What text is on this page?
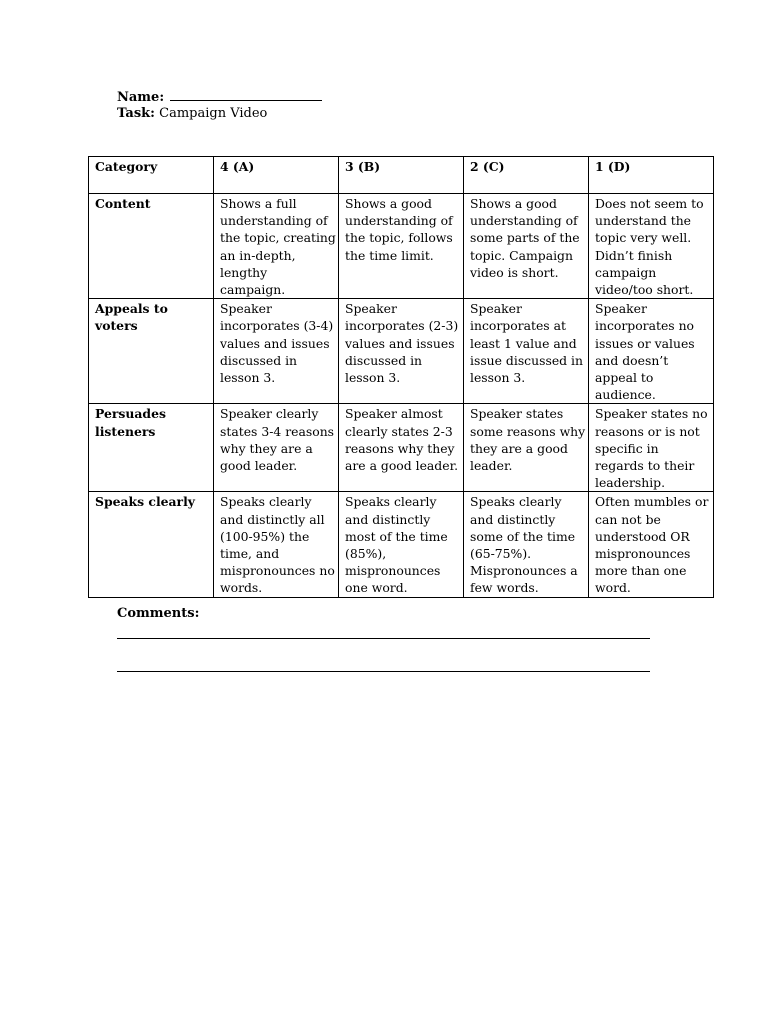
Name:
Task: Campaign Video
Category	4 (A)	3 (B)	2 (C)	1 (D)
Content	Shows a full understanding of the topic, creating an in-depth, lengthy campaign.	Shows a good understanding of the topic, follows the time limit.	Shows a good understanding of some parts of the topic. Campaign video is short.	Does not seem to understand the topic very well. Didn’t finish campaign video/too short.
Appeals to voters	Speaker incorporates (3-4) values and issues discussed in lesson 3.	Speaker incorporates (2-3) values and issues discussed in lesson 3.	Speaker incorporates at least 1 value and issue discussed in lesson 3.	Speaker incorporates no issues or values and doesn’t appeal to audience.
Persuades listeners	Speaker clearly states 3-4 reasons why they are a good leader.	Speaker almost clearly states 2-3 reasons why they are a good leader.	Speaker states some reasons why they are a good leader.	Speaker states no reasons or is not specific in regards to their leadership.
Speaks clearly	Speaks clearly and distinctly all (100-95%) the time, and mispronounces no words.	Speaks clearly and distinctly most of the time (85%), mispronounces one word.	Speaks clearly and distinctly some of the time (65-75%). Mispronounces a few words.	Often mumbles or can not be understood OR mispronounces more than one word.
Comments:
